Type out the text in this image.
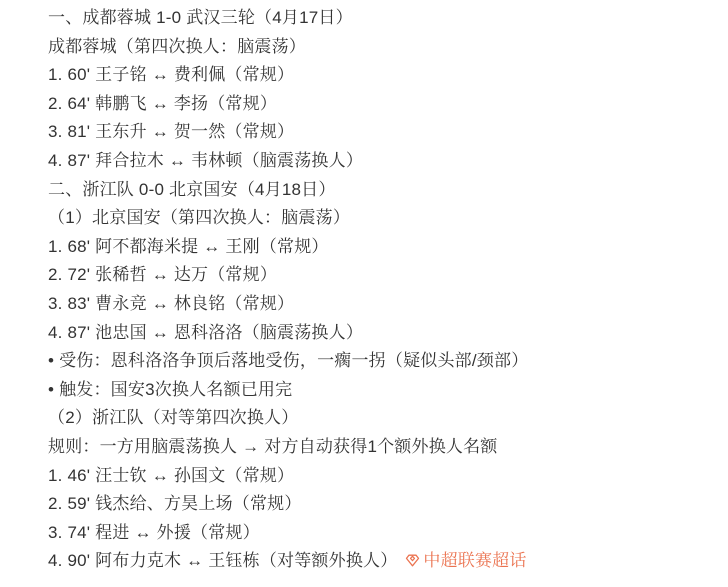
一、成都蓉城 1-0 武汉三轮（4月17日）
成都蓉城（第四次换人：脑震荡）
1. 60' 王子铭 ↔ 费利佩（常规）
2. 64' 韩鹏飞 ↔ 李扬（常规）
3. 81' 王东升 ↔ 贺一然（常规）
4. 87' 拜合拉木 ↔ 韦林顿（脑震荡换人）
二、浙江队 0-0 北京国安（4月18日）
（1）北京国安（第四次换人：脑震荡）
1. 68' 阿不都海米提 ↔ 王刚（常规）
2. 72' 张稀哲 ↔ 达万（常规）
3. 83' 曹永竞 ↔ 林良铭（常规）
4. 87' 池忠国 ↔ 恩科洛洛（脑震荡换人）
• 受伤：恩科洛洛争顶后落地受伤，一瘸一拐（疑似头部/颈部）
• 触发：国安3次换人名额已用完
（2）浙江队（对等第四次换人）
规则：一方用脑震荡换人 → 对方自动获得1个额外换人名额
1. 46' 汪士钦 ↔ 孙国文（常规）
2. 59' 钱杰给、方昊上场（常规）
3. 74' 程进 ↔ 外援（常规）
4. 90' 阿布力克木 ↔ 王钰栋（对等额外换人） 中超联赛超话
